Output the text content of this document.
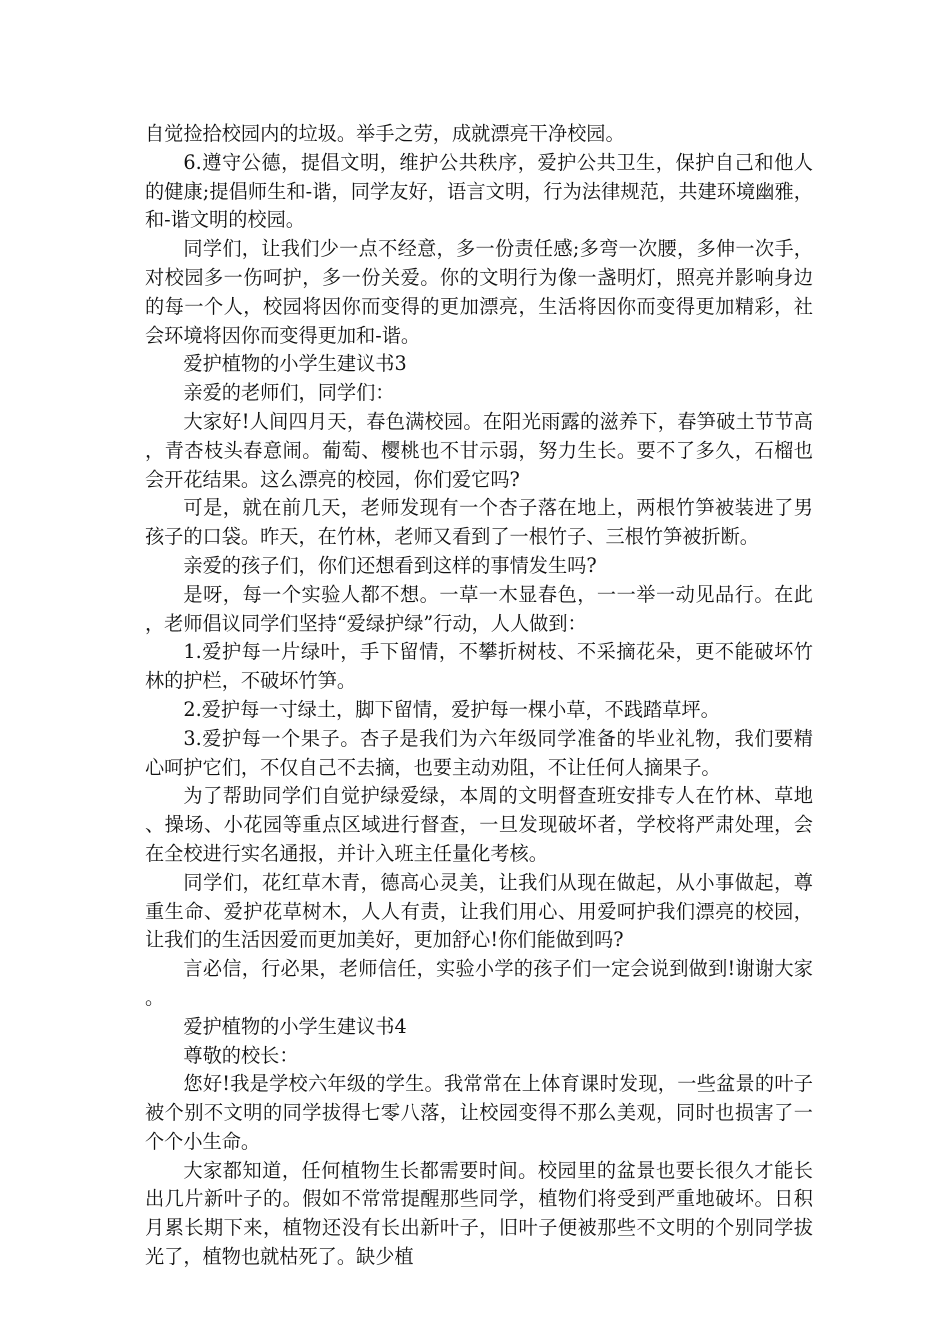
自觉捡拾校园内的垃圾。举手之劳，成就漂亮干净校园。

6.遵守公德，提倡文明，维护公共秩序，爱护公共卫生，保护自己和他人的健康;提倡师生和-谐，同学友好，语言文明，行为法律规范，共建环境幽雅，和-谐文明的校园。

同学们，让我们少一点不经意，多一份责任感;多弯一次腰，多伸一次手，对校园多一伤呵护，多一份关爱。你的文明行为像一盏明灯，照亮并影响身边的每一个人，校园将因你而变得的更加漂亮，生活将因你而变得更加精彩，社会环境将因你而变得更加和-谐。

爱护植物的小学生建议书3

亲爱的老师们，同学们：

大家好!人间四月天，春色满校园。在阳光雨露的滋养下，春笋破土节节高，青杏枝头春意闹。葡萄、樱桃也不甘示弱，努力生长。要不了多久，石榴也会开花结果。这么漂亮的校园，你们爱它吗?

可是，就在前几天，老师发现有一个杏子落在地上，两根竹笋被装进了男孩子的口袋。昨天，在竹林，老师又看到了一根竹子、三根竹笋被折断。

亲爱的孩子们，你们还想看到这样的事情发生吗?

是呀，每一个实验人都不想。一草一木显春色，一一举一动见品行。在此，老师倡议同学们坚持“爱绿护绿”行动，人人做到：

1.爱护每一片绿叶，手下留情，不攀折树枝、不采摘花朵，更不能破坏竹林的护栏，不破坏竹笋。

2.爱护每一寸绿土，脚下留情，爱护每一棵小草，不践踏草坪。

3.爱护每一个果子。杏子是我们为六年级同学准备的毕业礼物，我们要精心呵护它们，不仅自己不去摘，也要主动劝阻，不让任何人摘果子。

为了帮助同学们自觉护绿爱绿，本周的文明督查班安排专人在竹林、草地、操场、小花园等重点区域进行督查，一旦发现破坏者，学校将严肃处理，会在全校进行实名通报，并计入班主任量化考核。

同学们，花红草木青，德高心灵美，让我们从现在做起，从小事做起，尊重生命、爱护花草树木，人人有责，让我们用心、用爱呵护我们漂亮的校园，让我们的生活因爱而更加美好，更加舒心!你们能做到吗?

言必信，行必果，老师信任，实验小学的孩子们一定会说到做到!谢谢大家。

爱护植物的小学生建议书4

尊敬的校长：

您好!我是学校六年级的学生。我常常在上体育课时发现，一些盆景的叶子被个别不文明的同学拔得七零八落，让校园变得不那么美观，同时也损害了一个个小生命。

大家都知道，任何植物生长都需要时间。校园里的盆景也要长很久才能长出几片新叶子的。假如不常常提醒那些同学，植物们将受到严重地破坏。日积月累长期下来，植物还没有长出新叶子，旧叶子便被那些不文明的个别同学拔光了，植物也就枯死了。缺少植
